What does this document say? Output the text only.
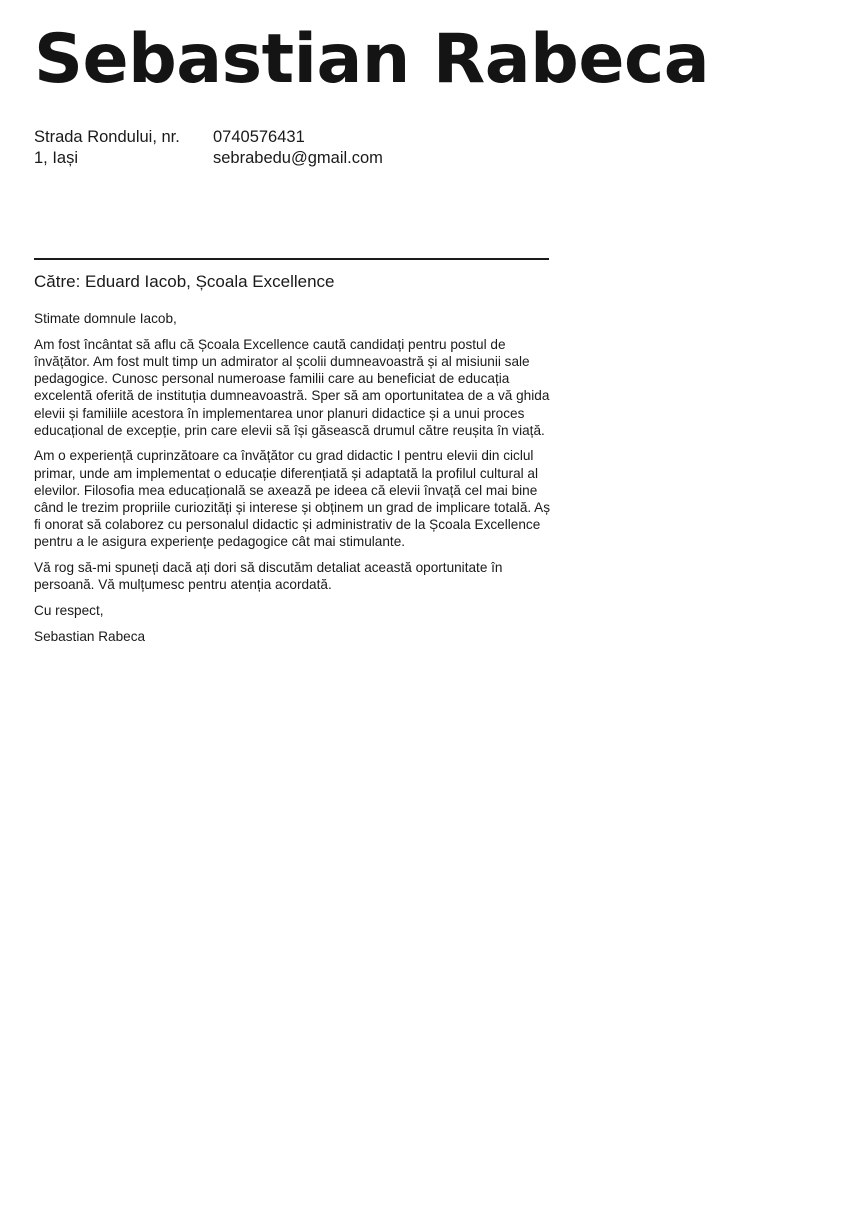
Sebastian Rabeca
Strada Rondului, nr.
1, Iași
0740576431
sebrabedu@gmail.com
Către: Eduard Iacob, Școala Excellence

Stimate domnule Iacob,

Am fost încântat să aflu că Școala Excellence caută candidați pentru postul de învățător. Am fost mult timp un admirator al școlii dumneavoastră și al misiunii sale pedagogice. Cunosc personal numeroase familii care au beneficiat de educația excelentă oferită de instituția dumneavoastră. Sper să am oportunitatea de a vă ghida elevii și familiile acestora în implementarea unor planuri didactice și a unui proces educațional de excepție, prin care elevii să își găsească drumul către reușita în viață.

Am o experiență cuprinzătoare ca învățător cu grad didactic I pentru elevii din ciclul primar, unde am implementat o educație diferențiată și adaptată la profilul cultural al elevilor. Filosofia mea educațională se axează pe ideea că elevii învață cel mai bine când le trezim propriile curiozități și interese și obținem un grad de implicare totală. Aș fi onorat să colaborez cu personalul didactic și administrativ de la Școala Excellence pentru a le asigura experiențe pedagogice cât mai stimulante.

Vă rog să-mi spuneți dacă ați dori să discutăm detaliat această oportunitate în persoană. Vă mulțumesc pentru atenția acordată.

Cu respect,

Sebastian Rabeca
